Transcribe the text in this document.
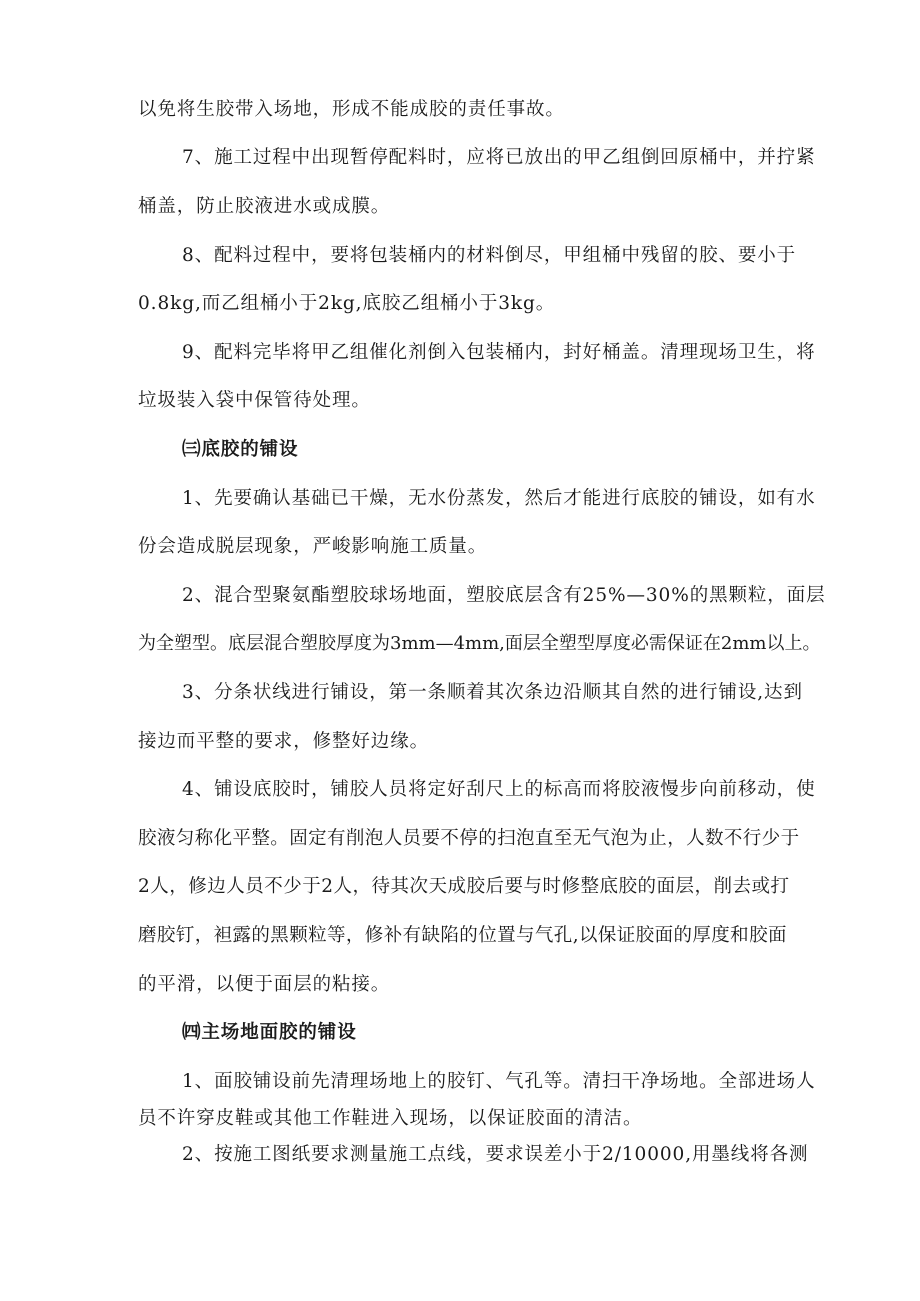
以免将生胶带入场地，形成不能成胶的责任事故。
7、施工过程中出现暂停配料时，应将已放出的甲乙组倒回原桶中，并拧紧
桶盖，防止胶液进水或成膜。
8、配料过程中，要将包装桶内的材料倒尽，甲组桶中残留的胶、要小于
0.8kg,而乙组桶小于2kg,底胶乙组桶小于3kg。
9、配料完毕将甲乙组催化剂倒入包装桶内，封好桶盖。清理现场卫生，将
垃圾装入袋中保管待处理。
㈢底胶的铺设
1、先要确认基础已干燥，无水份蒸发，然后才能进行底胶的铺设，如有水
份会造成脱层现象，严峻影响施工质量。
2、混合型聚氨酯塑胶球场地面，塑胶底层含有25%—30%的黑颗粒，面层
为全塑型。底层混合塑胶厚度为3mm—4mm,面层全塑型厚度必需保证在2mm以上。
3、分条状线进行铺设，第一条顺着其次条边沿顺其自然的进行铺设,达到
接边而平整的要求，修整好边缘。
4、铺设底胶时，铺胶人员将定好刮尺上的标高而将胶液慢步向前移动，使
胶液匀称化平整。固定有削泡人员要不停的扫泡直至无气泡为止，人数不行少于
2人，修边人员不少于2人，待其次天成胶后要与时修整底胶的面层，削去或打
磨胶钉，袒露的黑颗粒等，修补有缺陷的位置与气孔,以保证胶面的厚度和胶面
的平滑，以便于面层的粘接。
㈣主场地面胶的铺设
1、面胶铺设前先清理场地上的胶钉、气孔等。清扫干净场地。全部进场人
员不许穿皮鞋或其他工作鞋进入现场，以保证胶面的清洁。
2、按施工图纸要求测量施工点线，要求误差小于2/10000,用墨线将各测
